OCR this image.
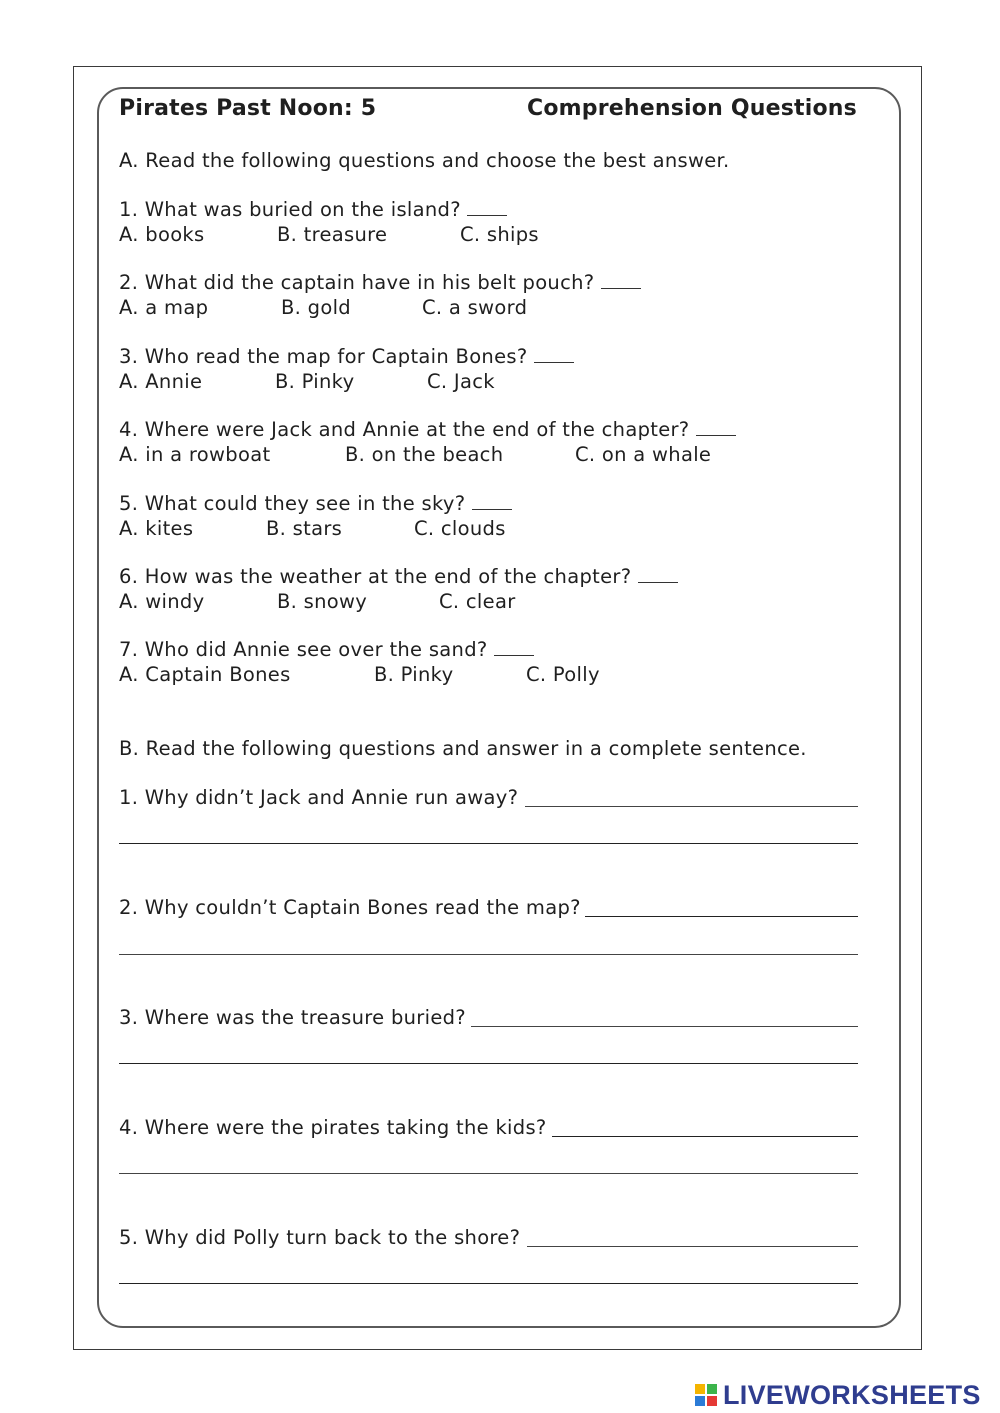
Pirates Past Noon: 5	Comprehension Questions
A. Read the following questions and choose the best answer.
1. What was buried on the island?
A. books	B. treasure	C. ships
2. What did the captain have in his belt pouch?
A. a map	B. gold	C. a sword
3. Who read the map for Captain Bones?
A. Annie	B. Pinky	C. Jack
4. Where were Jack and Annie at the end of the chapter?
A. in a rowboat	B. on the beach	C. on a whale
5. What could they see in the sky?
A. kites	B. stars	C. clouds
6. How was the weather at the end of the chapter?
A. windy	B. snowy	C. clear
7. Who did Annie see over the sand?
A. Captain Bones	B. Pinky	C. Polly
B. Read the following questions and answer in a complete sentence.
1. Why didn’t Jack and Annie run away?
2. Why couldn’t Captain Bones read the map?
3. Where was the treasure buried?
4. Where were the pirates taking the kids?
5. Why did Polly turn back to the shore?
LIVEWORKSHEETS
